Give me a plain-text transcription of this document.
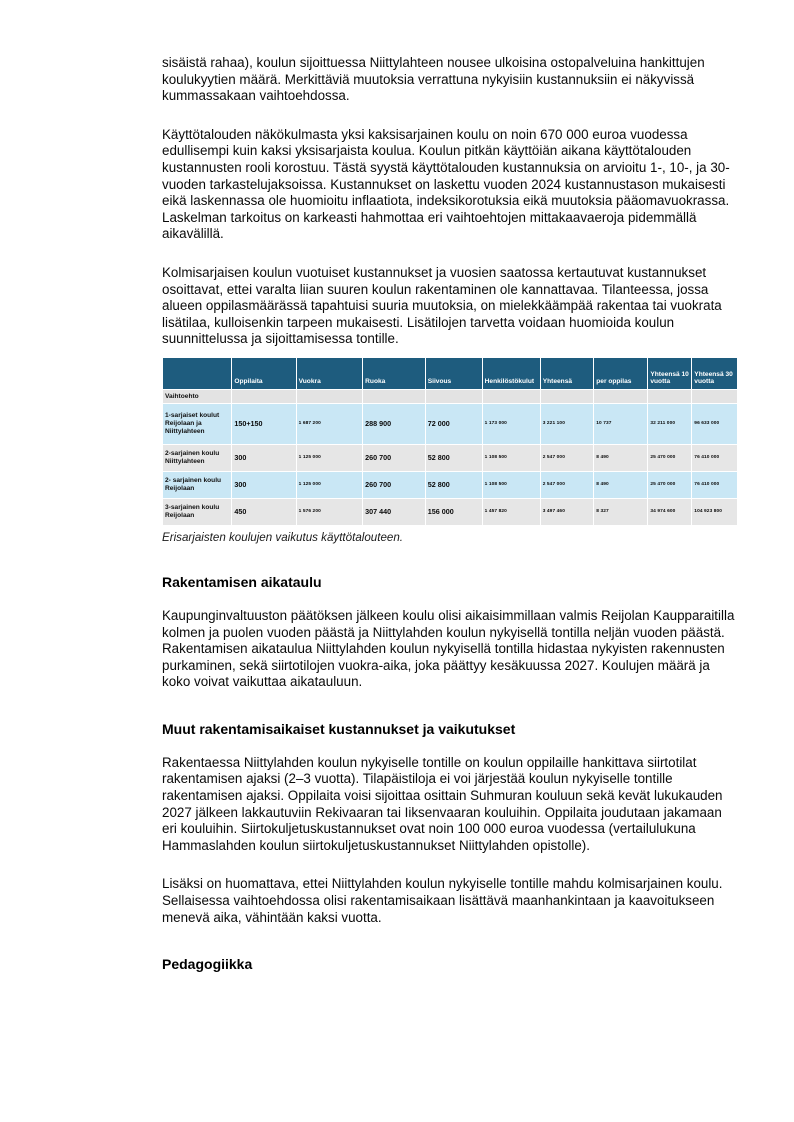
sisäistä rahaa), koulun sijoittuessa Niittylahteen nousee ulkoisina ostopalveluina hankittujen koulukyytien määrä. Merkittäviä muutoksia verrattuna nykyisiin kustannuksiin ei näkyvissä kummassakaan vaihtoehdossa.

Käyttötalouden näkökulmasta yksi kaksisarjainen koulu on noin 670 000 euroa vuodessa edullisempi kuin kaksi yksisarjaista koulua. Koulun pitkän käyttöiän aikana käyttötalouden kustannusten rooli korostuu. Tästä syystä käyttötalouden kustannuksia on arvioitu 1-, 10-, ja 30-vuoden tarkastelujaksoissa. Kustannukset on laskettu vuoden 2024 kustannustason mukaisesti eikä laskennassa ole huomioitu inflaatiota, indeksikorotuksia eikä muutoksia pääomavuokrassa. Laskelman tarkoitus on karkeasti hahmottaa eri vaihtoehtojen mittakaavaeroja pidemmällä aikavälillä.

Kolmisarjaisen koulun vuotuiset kustannukset ja vuosien saatossa kertautuvat kustannukset osoittavat, ettei varalta liian suuren koulun rakentaminen ole kannattavaa. Tilanteessa, jossa alueen oppilasmäärässä tapahtuisi suuria muutoksia, on mielekkäämpää rakentaa tai vuokrata lisätilaa, kulloisenkin tarpeen mukaisesti. Lisätilojen tarvetta voidaan huomioida koulun suunnittelussa ja sijoittamisessa tontille.

	Oppilaita	Vuokra	Ruoka	Siivous	Henkilöstökulut	Yhteensä	per oppilas	Yhteensä 10 vuotta	Yhteensä 30 vuotta
Vaihtoehto									
1-sarjaiset koulut Reijolaan ja Niittylahteen	150+150	1 687 200	288 900	72 000	1 173 000	3 221 100	10 737	32 211 000	96 633 000
2-sarjainen koulu Niittylahteen	300	1 125 000	260 700	52 800	1 108 500	2 547 000	8 490	25 470 000	76 410 000
2- sarjainen koulu Reijolaan	300	1 125 000	260 700	52 800	1 108 500	2 547 000	8 490	25 470 000	76 410 000
3-sarjainen koulu Reijolaan	450	1 576 200	307 440	156 000	1 457 820	3 497 460	8 327	34 974 600	104 923 800

Erisarjaisten koulujen vaikutus käyttötalouteen.

Rakentamisen aikataulu

Kaupunginvaltuuston päätöksen jälkeen koulu olisi aikaisimmillaan valmis Reijolan Kaupparaitilla kolmen ja puolen vuoden päästä ja Niittylahden koulun nykyisellä tontilla neljän vuoden päästä. Rakentamisen aikataulua Niittylahden koulun nykyisellä tontilla hidastaa nykyisten rakennusten purkaminen, sekä siirtotilojen vuokra-aika, joka päättyy kesäkuussa 2027. Koulujen määrä ja koko voivat vaikuttaa aikatauluun.

Muut rakentamisaikaiset kustannukset ja vaikutukset

Rakentaessa Niittylahden koulun nykyiselle tontille on koulun oppilaille hankittava siirtotilat rakentamisen ajaksi (2–3 vuotta). Tilapäistiloja ei voi järjestää koulun nykyiselle tontille rakentamisen ajaksi. Oppilaita voisi sijoittaa osittain Suhmuran kouluun sekä kevät lukukauden 2027 jälkeen lakkautuviin Rekivaaran tai Iiksenvaaran kouluihin. Oppilaita joudutaan jakamaan eri kouluihin. Siirtokuljetuskustannukset ovat noin 100 000 euroa vuodessa (vertailulukuna Hammaslahden koulun siirtokuljetuskustannukset Niittylahden opistolle).

Lisäksi on huomattava, ettei Niittylahden koulun nykyiselle tontille mahdu kolmisarjainen koulu. Sellaisessa vaihtoehdossa olisi rakentamisaikaan lisättävä maanhankintaan ja kaavoitukseen menevä aika, vähintään kaksi vuotta.

Pedagogiikka
